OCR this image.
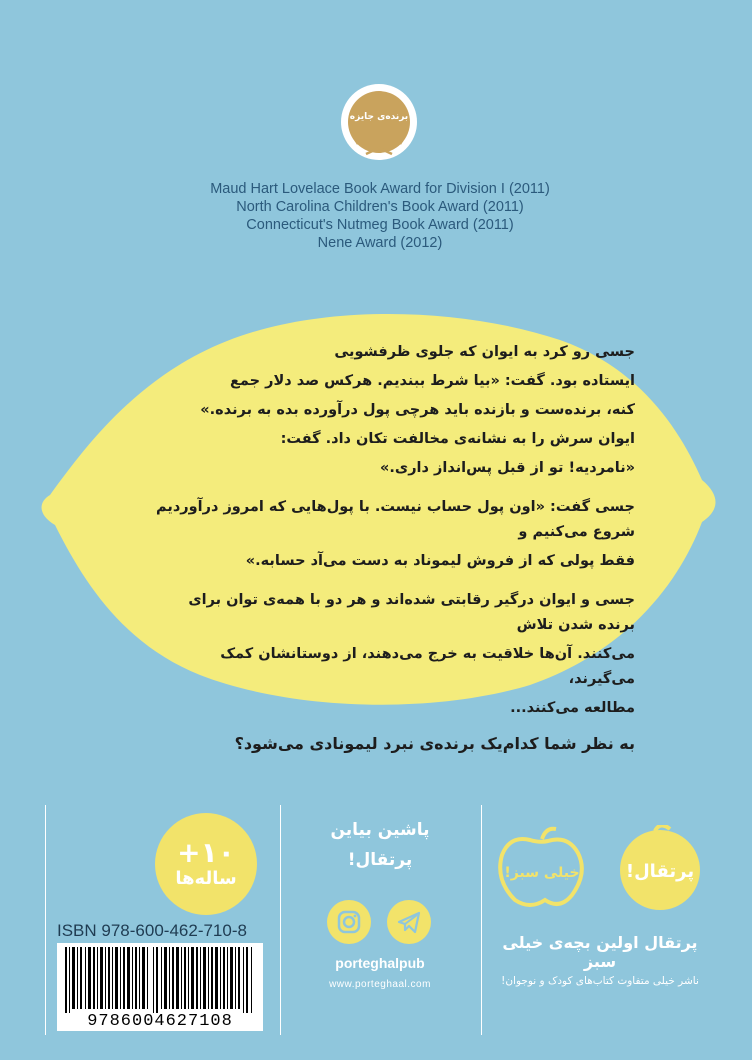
برنده‌ی جایزه
Maud Hart Lovelace Book Award for Division I (2011)
North Carolina Children's Book Award (2011)
Connecticut's Nutmeg Book Award (2011)
Nene Award (2012)

جسی رو کرد به ایوان که جلوی ظرفشویی

ایستاده بود. گفت: «بیا شرط ببندیم. هرکس صد دلار جمع

کنه، برنده‌ست و بازنده باید هرچی پول درآورده بده به برنده.»

ایوان سرش را به نشانه‌ی مخالفت تکان داد. گفت:

«نامردیه! تو از قبل پس‌انداز داری.»

جسی گفت: «اون پول حساب نیست. با پول‌هایی که امروز درآوردیم شروع می‌کنیم و

فقط پولی که از فروش لیموناد به دست می‌آد حسابه.»

جسی و ایوان درگیر رقابتی شده‌اند و هر دو با همه‌ی توان برای برنده شدن تلاش

می‌کنند. آن‌ها خلاقیت به خرج می‌دهند، از دوستانشان کمک می‌گیرند،

مطالعه می‌کنند...

به نظر شما کدام‌یک برنده‌ی نبرد لیمونادی می‌شود؟

+۱۰
ساله‌ها
ISBN 978-600-462-710-8
9786004627108
پاشین بیاین
پرتقال!
porteghalpub
www.porteghaal.com
پرتقال!
خیلی سبز!
پرتقال اولین بچه‌ی خیلی سبز
ناشر خیلی متفاوت کتاب‌های کودک و نوجوان!
